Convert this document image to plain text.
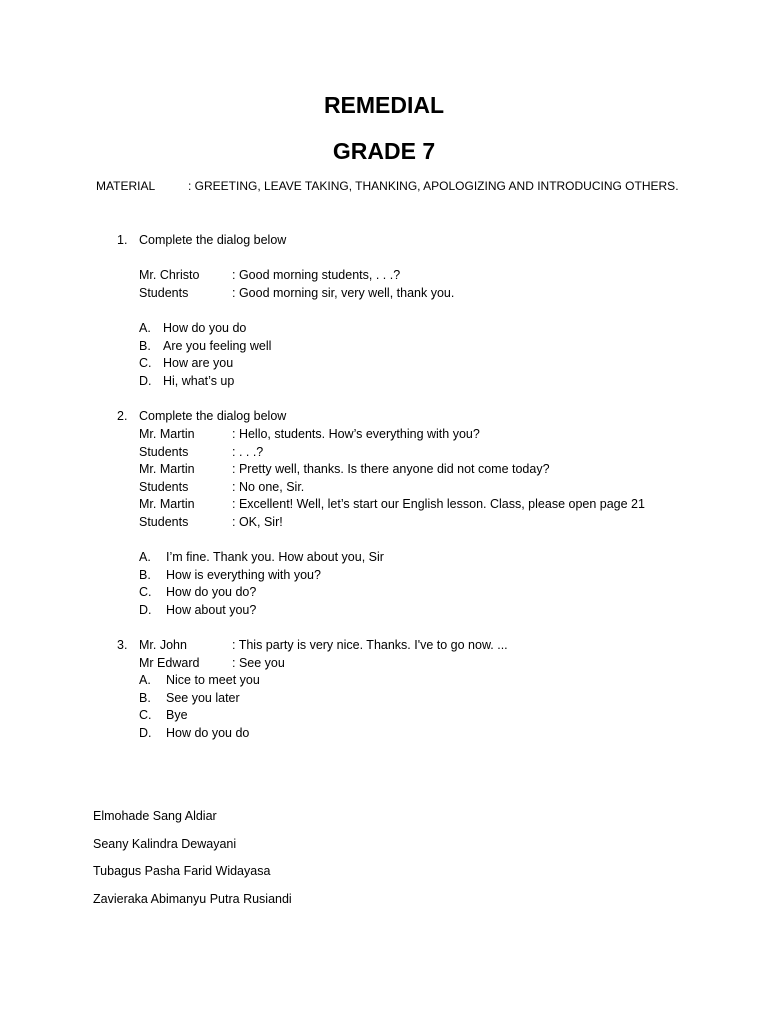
REMEDIAL
GRADE 7
MATERIAL	: GREETING, LEAVE TAKING, THANKING, APOLOGIZING AND INTRODUCING OTHERS.
1. Complete the dialog below
Mr. Christo	: Good morning students, . . .?
Students	: Good morning sir, very well, thank you.
A. How do you do
B. Are you feeling well
C. How are you
D. Hi, what’s up
2. Complete the dialog below
Mr. Martin	: Hello, students. How’s everything with you?
Students	: . . .?
Mr. Martin	: Pretty well, thanks. Is there anyone did not come today?
Students	: No one, Sir.
Mr. Martin	: Excellent! Well, let’s start our English lesson. Class, please open page 21
Students	: OK, Sir!
A. I’m fine. Thank you. How about you, Sir
B. How is everything with you?
C. How do you do?
D. How about you?
3. Mr. John	: This party is very nice. Thanks. I've to go now. ...
Mr Edward	: See you
A. Nice to meet you
B. See you later
C. Bye
D. How do you do
Elmohade Sang Aldiar
Seany Kalindra Dewayani
Tubagus Pasha Farid Widayasa
Zavieraka Abimanyu Putra Rusiandi
